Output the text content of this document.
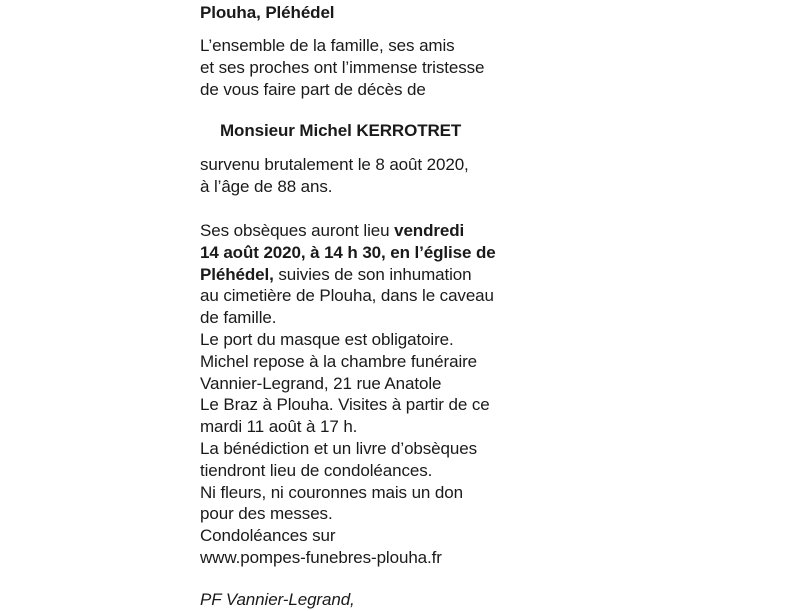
Plouha, Pléhédel

L’ensemble de la famille, ses amis
et ses proches ont l’immense tristesse
de vous faire part de décès de

Monsieur Michel KERROTRET

survenu brutalement le 8 août 2020,
à l’âge de 88 ans.

Ses obsèques auront lieu vendredi
14 août 2020, à 14 h 30, en l’église de
Pléhédel, suivies de son inhumation
au cimetière de Plouha, dans le caveau
de famille.
Le port du masque est obligatoire.
Michel repose à la chambre funéraire
Vannier-Legrand, 21 rue Anatole
Le Braz à Plouha. Visites à partir de ce
mardi 11 août à 17 h.
La bénédiction et un livre d’obsèques
tiendront lieu de condoléances.
Ni fleurs, ni couronnes mais un don
pour des messes.
Condoléances sur
www.pompes-funebres-plouha.fr

PF Vannier-Legrand,
